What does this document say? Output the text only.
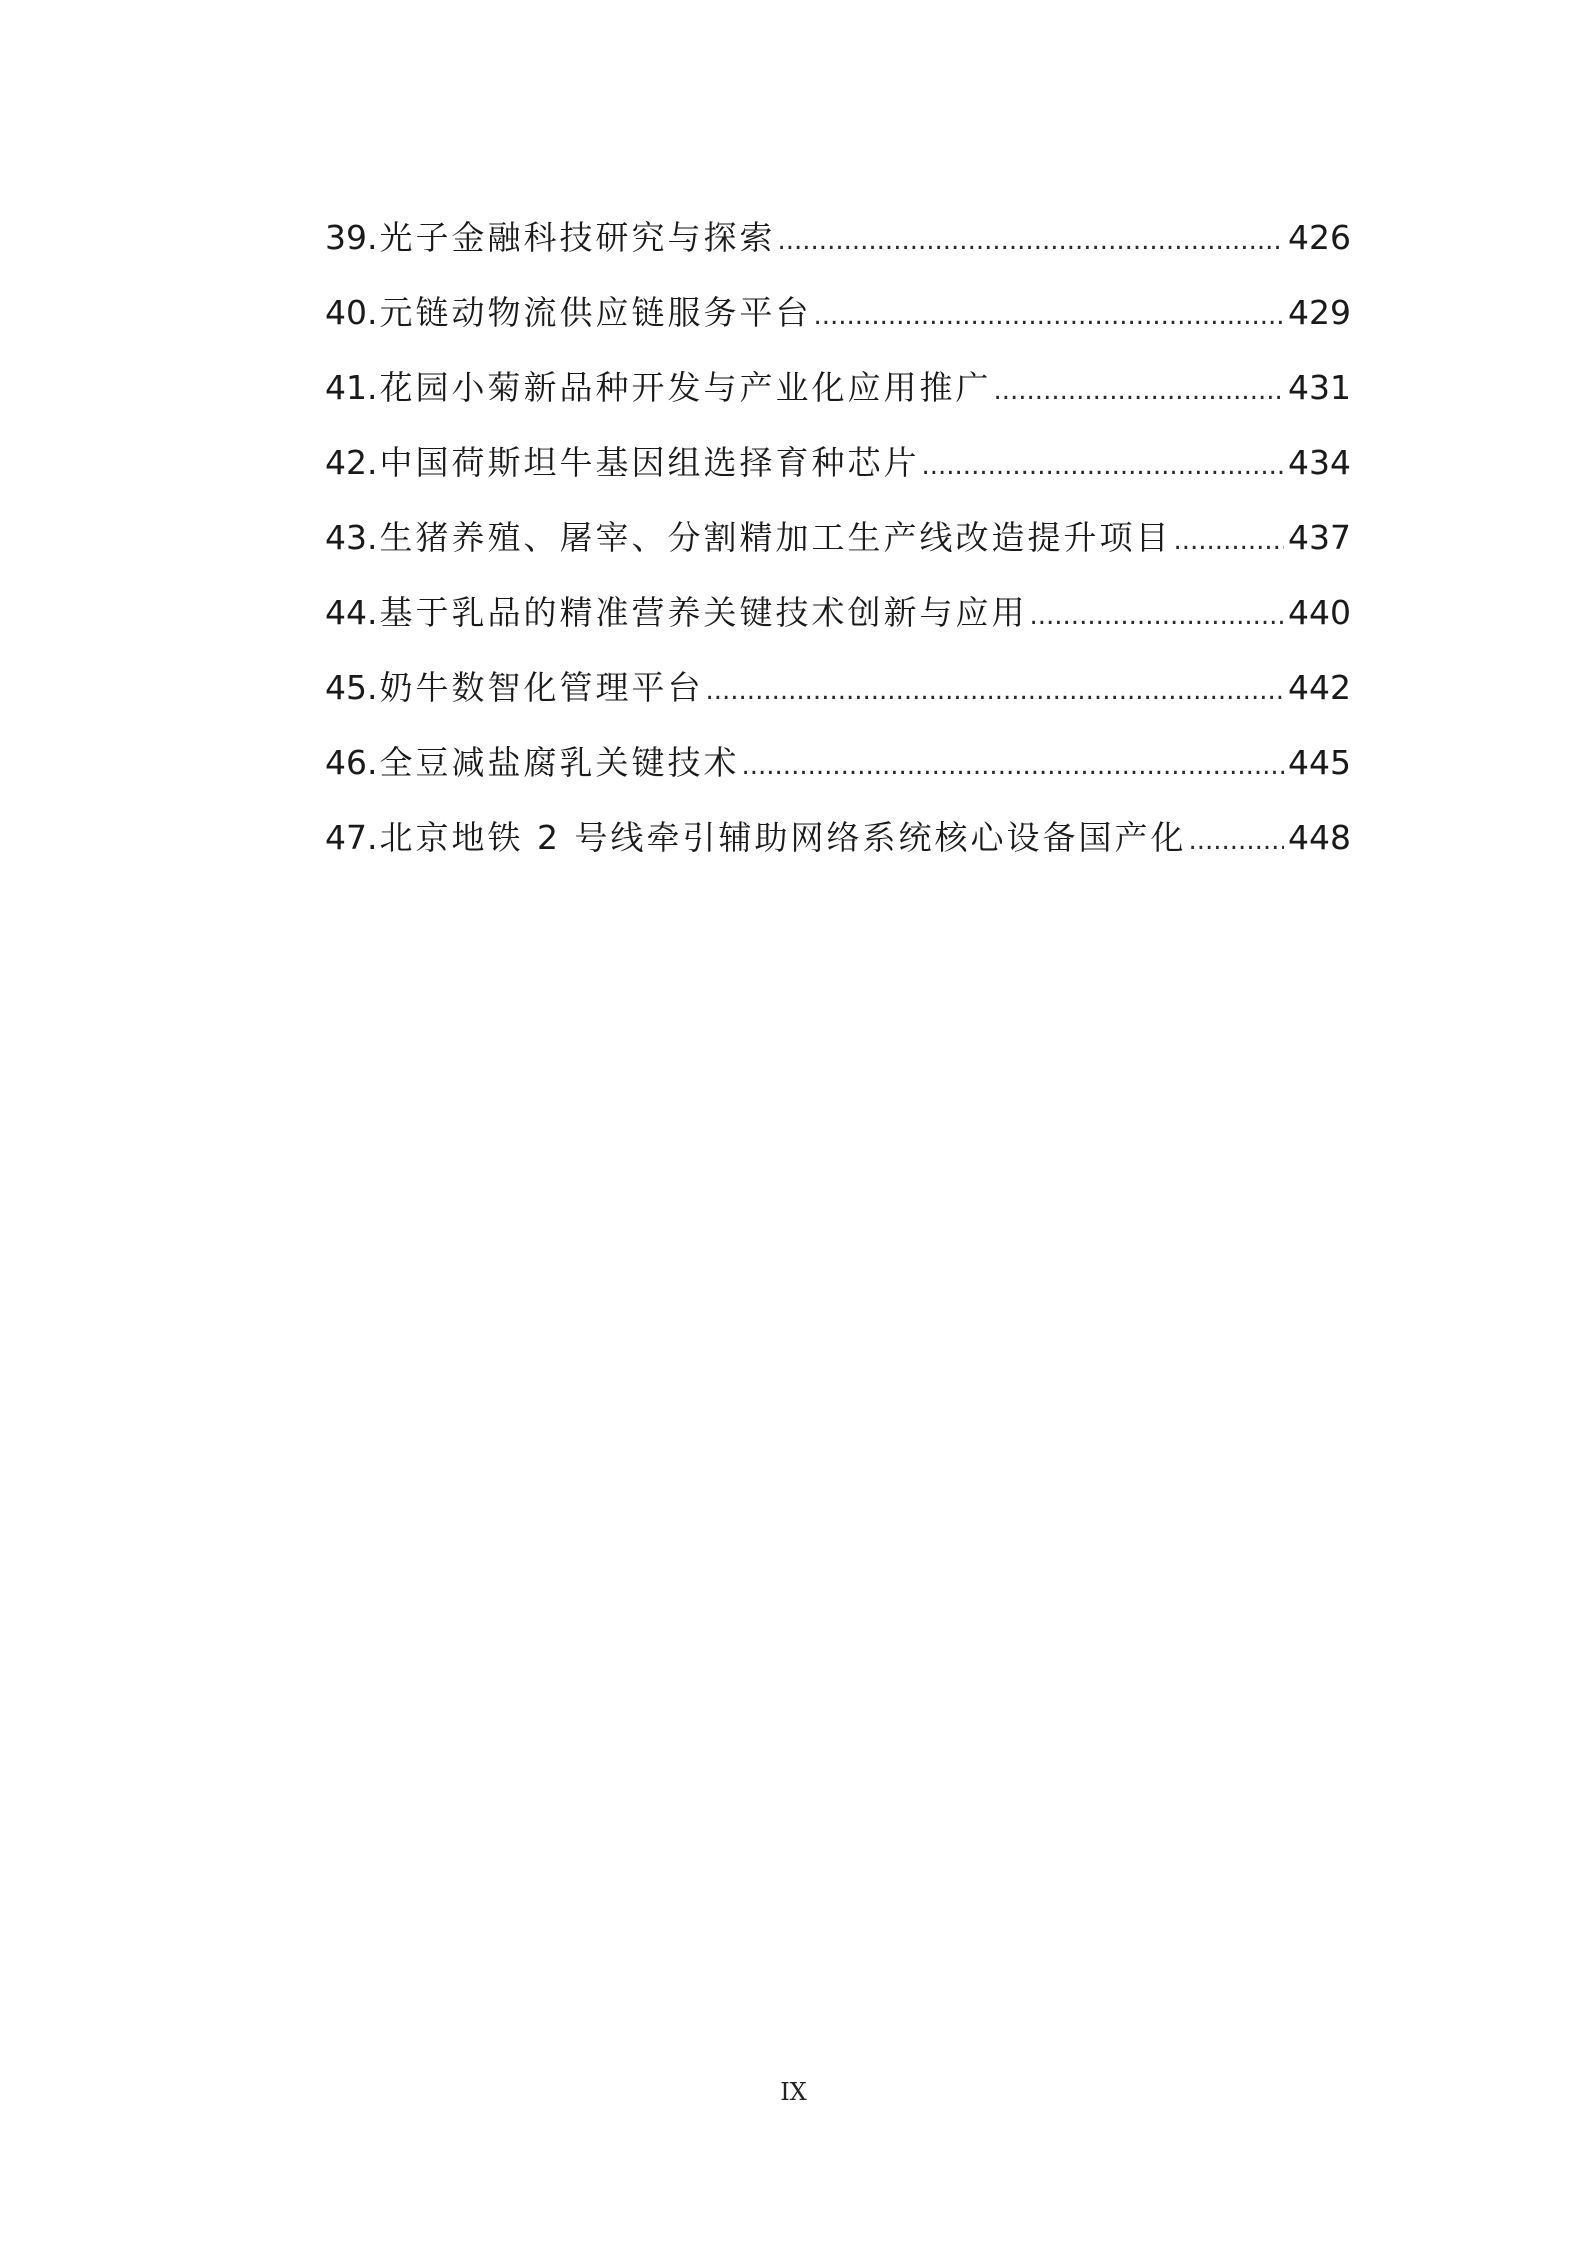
39. 光子金融科技研究与探索 .....	426
40. 元链动物流供应链服务平台 .....	429
41. 花园小菊新品种开发与产业化应用推广 .....	431
42. 中国荷斯坦牛基因组选择育种芯片 .....	434
43. 生猪养殖、屠宰、分割精加工生产线改造提升项目 .....	437
44. 基于乳品的精准营养关键技术创新与应用 .....	440
45. 奶牛数智化管理平台 .....	442
46. 全豆减盐腐乳关键技术 .....	445
47. 北京地铁 2 号线牵引辅助网络系统核心设备国产化 .....	448
IX
